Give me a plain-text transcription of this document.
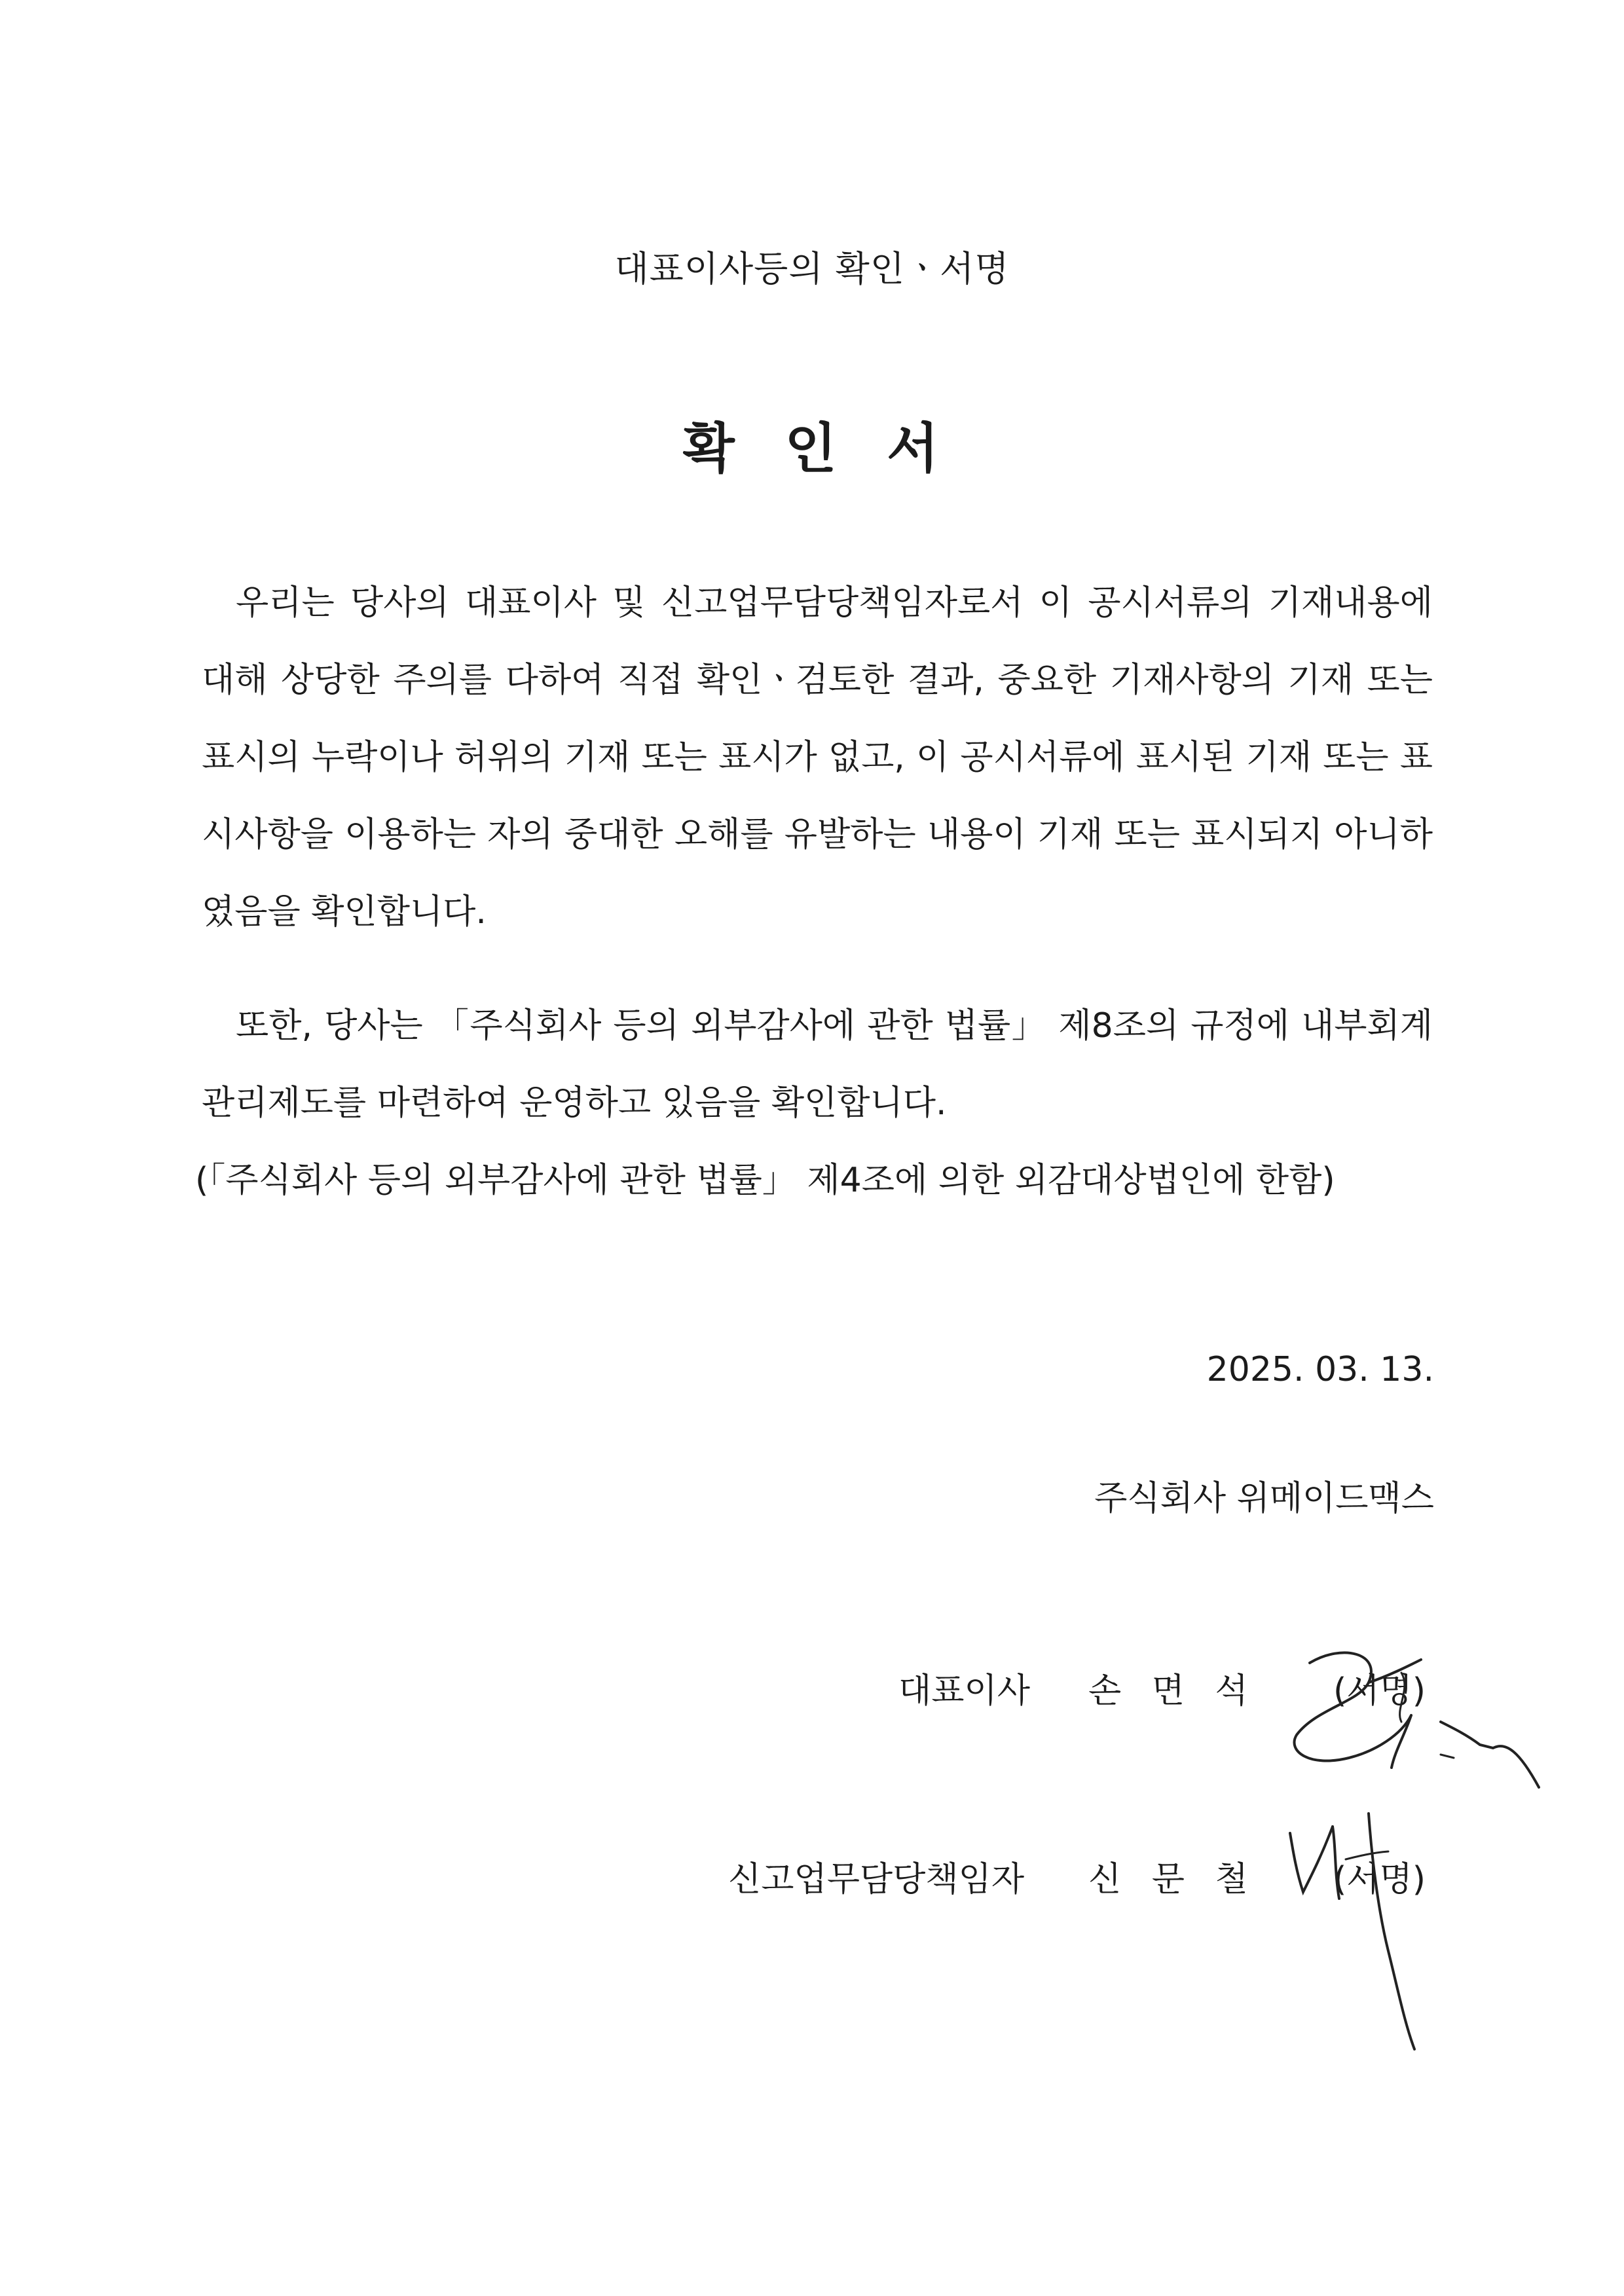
대표이사등의 확인ㆍ서명
확 인 서

우리는 당사의 대표이사 및 신고업무담당책임자로서 이 공시서류의 기재내용에 대해 상당한 주의를 다하여 직접 확인ㆍ검토한 결과, 중요한 기재사항의 기재 또는 표시의 누락이나 허위의 기재 또는 표시가 없고, 이 공시서류에 표시된 기재 또는 표시사항을 이용하는 자의 중대한 오해를 유발하는 내용이 기재 또는 표시되지 아니하였음을 확인합니다.

또한, 당사는 「주식회사 등의 외부감사에 관한 법률」 제8조의 규정에 내부회계관리제도를 마련하여 운영하고 있음을 확인합니다.

(「주식회사 등의 외부감사에 관한 법률」 제4조에 의한 외감대상법인에 한함)

2025. 03. 13.
주식회사 위메이드맥스
대표이사 손 면 석 (서명)
신고업무담당책임자 신 문 철 (서명)
